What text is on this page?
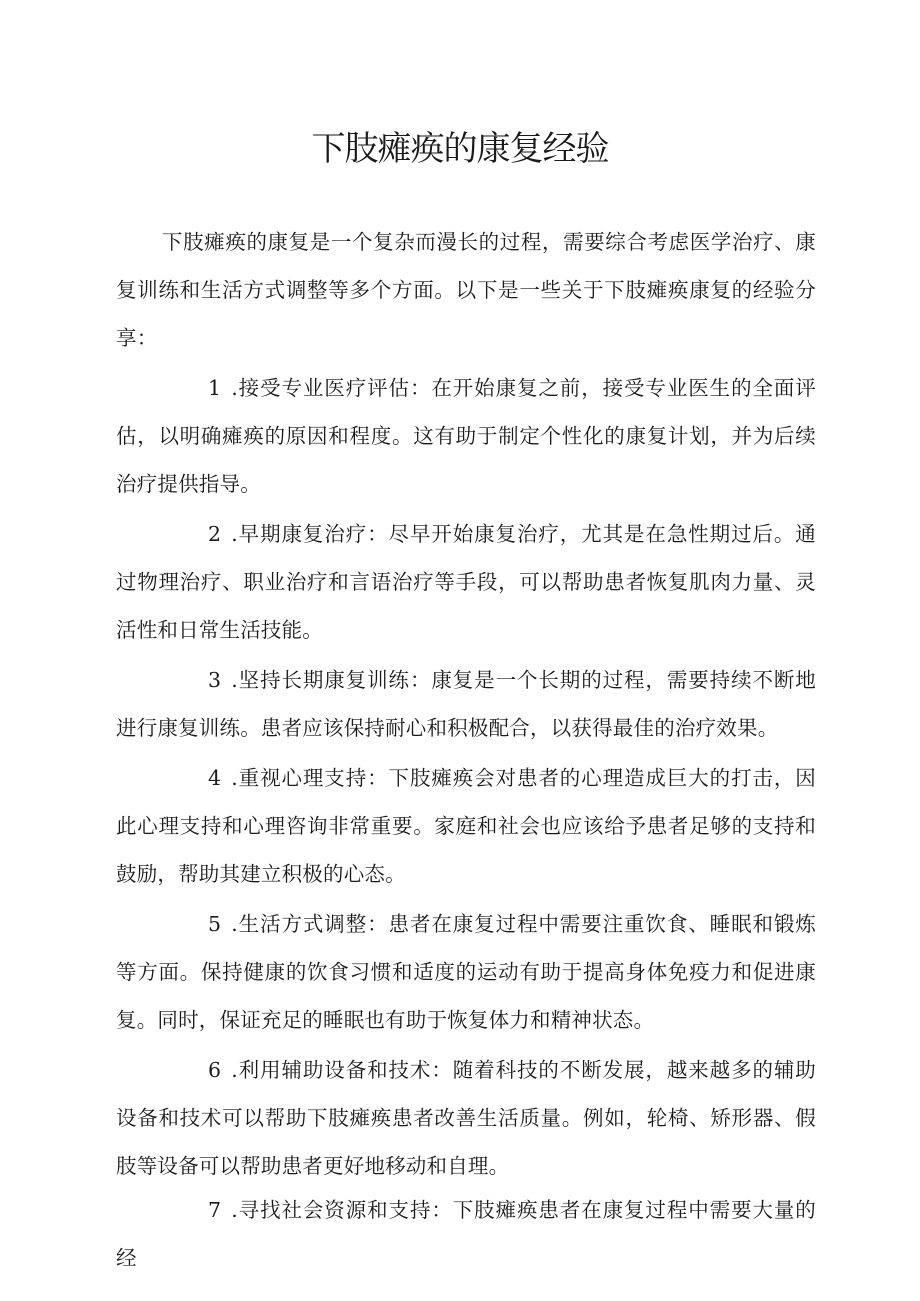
下肢瘫痪的康复经验

下肢瘫痪的康复是一个复杂而漫长的过程，需要综合考虑医学治疗、康复训练和生活方式调整等多个方面。以下是一些关于下肢瘫痪康复的经验分享：

1 .接受专业医疗评估：在开始康复之前，接受专业医生的全面评估，以明确瘫痪的原因和程度。这有助于制定个性化的康复计划，并为后续治疗提供指导。

2 .早期康复治疗：尽早开始康复治疗，尤其是在急性期过后。通过物理治疗、职业治疗和言语治疗等手段，可以帮助患者恢复肌肉力量、灵活性和日常生活技能。

3 .坚持长期康复训练：康复是一个长期的过程，需要持续不断地进行康复训练。患者应该保持耐心和积极配合，以获得最佳的治疗效果。

4 .重视心理支持：下肢瘫痪会对患者的心理造成巨大的打击，因此心理支持和心理咨询非常重要。家庭和社会也应该给予患者足够的支持和鼓励，帮助其建立积极的心态。

5 .生活方式调整：患者在康复过程中需要注重饮食、睡眠和锻炼等方面。保持健康的饮食习惯和适度的运动有助于提高身体免疫力和促进康复。同时，保证充足的睡眠也有助于恢复体力和精神状态。

6 .利用辅助设备和技术：随着科技的不断发展，越来越多的辅助设备和技术可以帮助下肢瘫痪患者改善生活质量。例如，轮椅、矫形器、假肢等设备可以帮助患者更好地移动和自理。

7 .寻找社会资源和支持：下肢瘫痪患者在康复过程中需要大量的经
